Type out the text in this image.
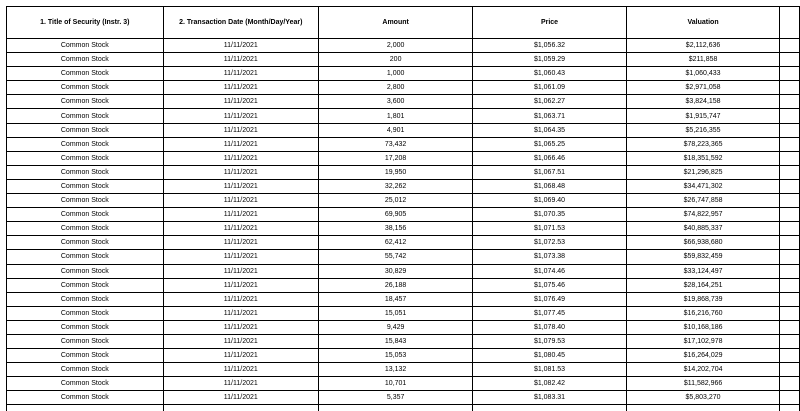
1. Title of Security (Instr. 3)	2. Transaction Date (Month/Day/Year)	Amount	Price	Valuation	
Common Stock	11/11/2021	2,000	$1,056.32	$2,112,636	
Common Stock	11/11/2021	200	$1,059.29	$211,858	
Common Stock	11/11/2021	1,000	$1,060.43	$1,060,433	
Common Stock	11/11/2021	2,800	$1,061.09	$2,971,058	
Common Stock	11/11/2021	3,600	$1,062.27	$3,824,158	
Common Stock	11/11/2021	1,801	$1,063.71	$1,915,747	
Common Stock	11/11/2021	4,901	$1,064.35	$5,216,355	
Common Stock	11/11/2021	73,432	$1,065.25	$78,223,365	
Common Stock	11/11/2021	17,208	$1,066.46	$18,351,592	
Common Stock	11/11/2021	19,950	$1,067.51	$21,296,825	
Common Stock	11/11/2021	32,262	$1,068.48	$34,471,302	
Common Stock	11/11/2021	25,012	$1,069.40	$26,747,858	
Common Stock	11/11/2021	69,905	$1,070.35	$74,822,957	
Common Stock	11/11/2021	38,156	$1,071.53	$40,885,337	
Common Stock	11/11/2021	62,412	$1,072.53	$66,938,680	
Common Stock	11/11/2021	55,742	$1,073.38	$59,832,459	
Common Stock	11/11/2021	30,829	$1,074.46	$33,124,497	
Common Stock	11/11/2021	26,188	$1,075.46	$28,164,251	
Common Stock	11/11/2021	18,457	$1,076.49	$19,868,739	
Common Stock	11/11/2021	15,051	$1,077.45	$16,216,760	
Common Stock	11/11/2021	9,429	$1,078.40	$10,168,186	
Common Stock	11/11/2021	15,843	$1,079.53	$17,102,978	
Common Stock	11/11/2021	15,053	$1,080.45	$16,264,029	
Common Stock	11/11/2021	13,132	$1,081.53	$14,202,704	
Common Stock	11/11/2021	10,701	$1,082.42	$11,582,966	
Common Stock	11/11/2021	5,357	$1,083.31	$5,803,270	
